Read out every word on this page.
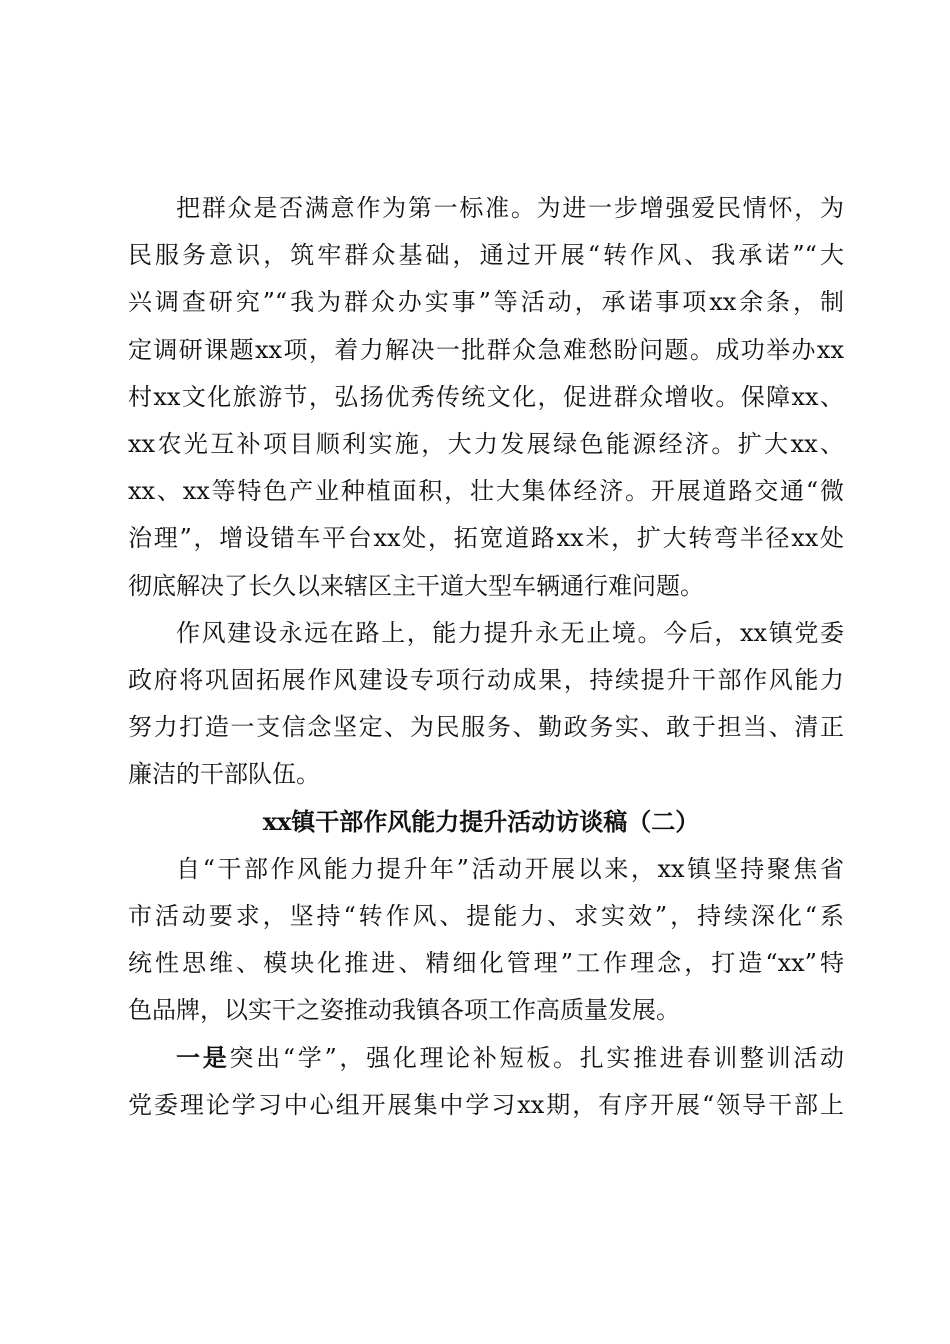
把群众是否满意作为第一标准。为进一步增强爱民情怀，为
民服务意识，筑牢群众基础，通过开展“转作风、我承诺”“大
兴调查研究”“我为群众办实事”等活动，承诺事项xx余条，制
定调研课题xx项，着力解决一批群众急难愁盼问题。成功举办xx
村xx文化旅游节，弘扬优秀传统文化，促进群众增收。保障xx、
xx农光互补项目顺利实施，大力发展绿色能源经济。扩大xx、
xx、xx等特色产业种植面积，壮大集体经济。开展道路交通“微
治理”，增设错车平台xx处，拓宽道路xx米，扩大转弯半径xx处
彻底解决了长久以来辖区主干道大型车辆通行难问题。
作风建设永远在路上，能力提升永无止境。今后，xx镇党委
政府将巩固拓展作风建设专项行动成果，持续提升干部作风能力
努力打造一支信念坚定、为民服务、勤政务实、敢于担当、清正
廉洁的干部队伍。
xx镇干部作风能力提升活动访谈稿（二）
自“干部作风能力提升年”活动开展以来，xx镇坚持聚焦省
市活动要求，坚持“转作风、提能力、求实效”，持续深化“系
统性思维、模块化推进、精细化管理”工作理念，打造“xx”特
色品牌，以实干之姿推动我镇各项工作高质量发展。
一是突出“学”，强化理论补短板。扎实推进春训整训活动
党委理论学习中心组开展集中学习xx期，有序开展“领导干部上
